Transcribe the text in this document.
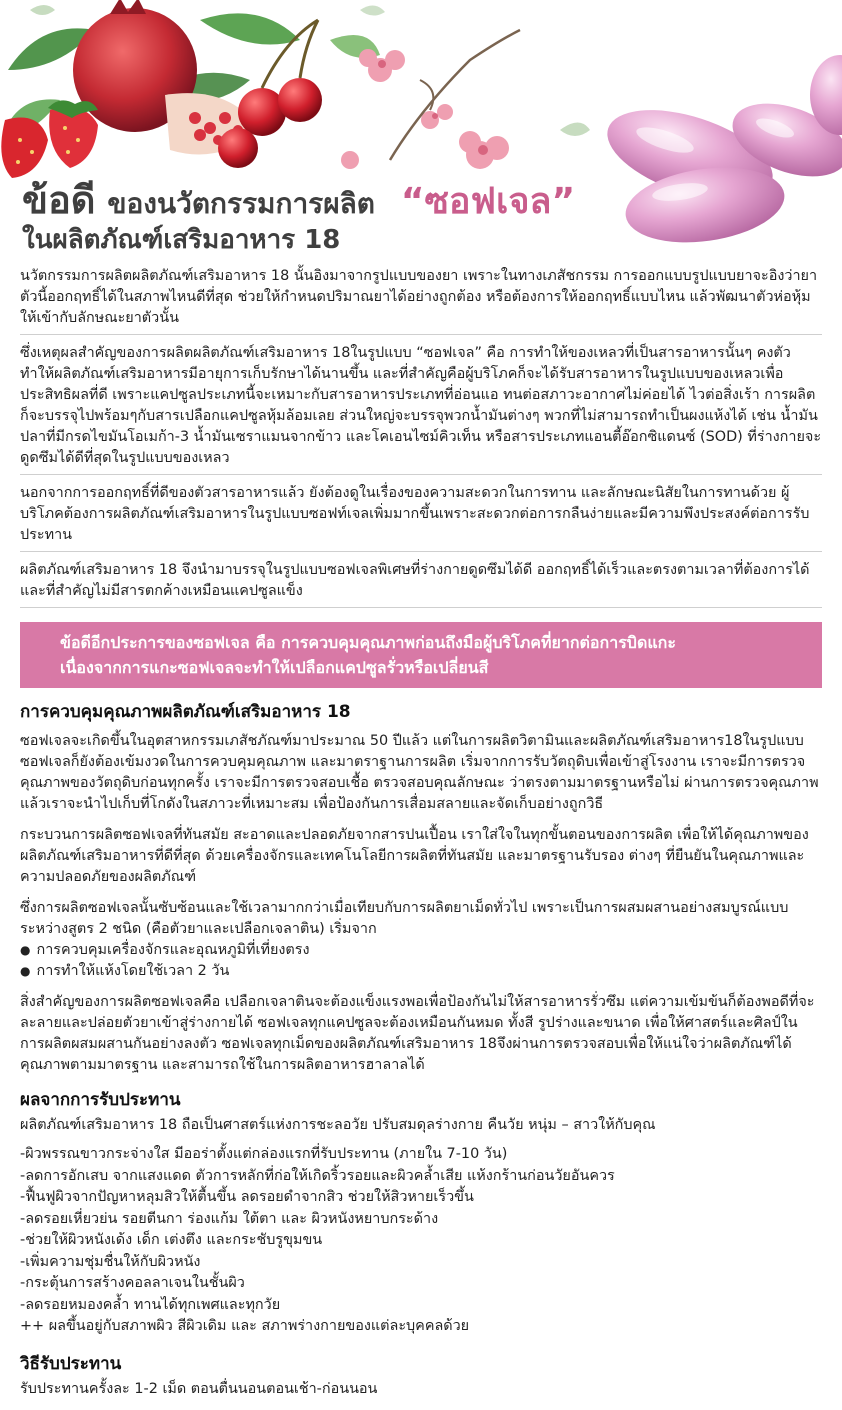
ข้อดี ของนวัตกรรมการผลิต “ซอฟเจล”
ในผลิตภัณฑ์เสริมอาหาร 18

นวัตกรรมการผลิตผลิตภัณฑ์เสริมอาหาร 18 นั้นอิงมาจากรูปแบบของยา เพราะในทางเภสัชกรรม การออกแบบรูปแบบยาจะอิงว่ายาตัวนี้ออกฤทธิ์ได้ในสภาพไหนดีที่สุด ช่วยให้กำหนดปริมาณยาได้อย่างถูกต้อง หรือต้องการให้ออกฤทธิ์แบบไหน แล้วพัฒนาตัวห่อหุ้มให้เข้ากับลักษณะยาตัวนั้น

ซึ่งเหตุผลสำคัญของการผลิตผลิตภัณฑ์เสริมอาหาร 18ในรูปแบบ “ซอฟเจล” คือ การทำให้ของเหลวที่เป็นสารอาหารนั้นๆ คงตัว ทำให้ผลิตภัณฑ์เสริมอาหารมีอายุการเก็บรักษาได้นานขึ้น และที่สำคัญคือผู้บริโภคก็จะได้รับสารอาหารในรูปแบบของเหลวเพื่อประสิทธิผลที่ดี เพราะแคปซูลประเภทนี้จะเหมาะกับสารอาหารประเภทที่อ่อนแอ ทนต่อสภาวะอากาศไม่ค่อยได้ ไวต่อสิ่งเร้า การผลิตก็จะบรรจุไปพร้อมๆกับสารเปลือกแคปซูลหุ้มล้อมเลย ส่วนใหญ่จะบรรจุพวกน้ำมันต่างๆ พวกที่ไม่สามารถทำเป็นผงแห้งได้ เช่น น้ำมันปลาที่มีกรดไขมันโอเมก้า-3 น้ำมันเซราแมนจากข้าว และโคเอนไซม์คิวเท็น หรือสารประเภทแอนตี้อ๊อกซิแดนซ์ (SOD) ที่ร่างกายจะดูดซึมได้ดีที่สุดในรูปแบบของเหลว

นอกจากการออกฤทธิ์ที่ดีของตัวสารอาหารแล้ว ยังต้องดูในเรื่องของความสะดวกในการทาน และลักษณะนิสัยในการทานด้วย ผู้บริโภคต้องการผลิตภัณฑ์เสริมอาหารในรูปแบบซอฟท์เจลเพิ่มมากขึ้นเพราะสะดวกต่อการกลืนง่ายและมีความพึงประสงค์ต่อการรับประทาน

ผลิตภัณฑ์เสริมอาหาร 18 จึงนำมาบรรจุในรูปแบบซอฟเจลพิเศษที่ร่างกายดูดซึมได้ดี ออกฤทธิ์ได้เร็วและตรงตามเวลาที่ต้องการได้ และที่สำคัญไม่มีสารตกค้างเหมือนแคปซูลแข็ง

ข้อดีอีกประการของซอฟเจล คือ การควบคุมคุณภาพก่อนถึงมือผู้บริโภคที่ยากต่อการบิดแกะ
เนื่องจากการแกะซอฟเจลจะทำให้เปลือกแคปซูลรั่วหรือเปลี่ยนสี
การควบคุมคุณภาพผลิตภัณฑ์เสริมอาหาร 18

ซอฟเจลจะเกิดขึ้นในอุตสาหกรรมเภสัชภัณฑ์มาประมาณ 50 ปีแล้ว แต่ในการผลิตวิตามินและผลิตภัณฑ์เสริมอาหาร18ในรูปแบบซอฟเจลก็ยังต้องเข้มงวดในการควบคุมคุณภาพ และมาตราฐานการผลิต เริ่มจากการรับวัตถุดิบเพื่อเข้าสู่โรงงาน เราจะมีการตรวจคุณภาพของวัตถุดิบก่อนทุกครั้ง เราจะมีการตรวจสอบเชื้อ ตรวจสอบคุณลักษณะ ว่าตรงตามมาตรฐานหรือไม่ ผ่านการตรวจคุณภาพแล้วเราจะนำไปเก็บที่โกดังในสภาวะที่เหมาะสม เพื่อป้องกันการเสื่อมสลายและจัดเก็บอย่างถูกวิธี

กระบวนการผลิตซอฟเจลที่ทันสมัย สะอาดและปลอดภัยจากสารปนเปื้อน เราใส่ใจในทุกขั้นตอนของการผลิต เพื่อให้ได้คุณภาพของผลิตภัณฑ์เสริมอาหารที่ดีที่สุด ด้วยเครื่องจักรและเทคโนโลยีการผลิตที่ทันสมัย และมาตรฐานรับรอง ต่างๆ ที่ยืนยันในคุณภาพและความปลอดภัยของผลิตภัณฑ์

ซึ่งการผลิตซอฟเจลนั้นซับซ้อนและใช้เวลามากกว่าเมื่อเทียบกับการผลิตยาเม็ดทั่วไป เพราะเป็นการผสมผสานอย่างสมบูรณ์แบบระหว่างสูตร 2 ชนิด (คือตัวยาและเปลือกเจลาติน) เริ่มจาก

● การควบคุมเครื่องจักรและอุณหภูมิที่เที่ยงตรง
● การทำให้แห้งโดยใช้เวลา 2 วัน

สิ่งสำคัญของการผลิตซอฟเจลคือ เปลือกเจลาตินจะต้องแข็งแรงพอเพื่อป้องกันไม่ให้สารอาหารรั่วซึม แต่ความเข้มข้นก็ต้องพอดีที่จะละลายและปล่อยตัวยาเข้าสู่ร่างกายได้ ซอฟเจลทุกแคปซูลจะต้องเหมือนกันหมด ทั้งสี รูปร่างและขนาด เพื่อให้ศาสตร์และศิลป์ในการผลิตผสมผสานกันอย่างลงตัว ซอฟเจลทุกเม็ดของผลิตภัณฑ์เสริมอาหาร 18จึงผ่านการตรวจสอบเพื่อให้แน่ใจว่าผลิตภัณฑ์ได้คุณภาพตามมาตรฐาน และสามารถใช้ในการผลิตอาหารฮาลาลได้

ผลจากการรับประทาน

ผลิตภัณฑ์เสริมอาหาร 18 ถือเป็นศาสตร์แห่งการชะลอวัย ปรับสมดุลร่างกาย คืนวัย หนุ่ม – สาวให้กับคุณ

-ผิวพรรณขาวกระจ่างใส มีออร่าตั้งแต่กล่องแรกที่รับประทาน (ภายใน 7-10 วัน)
-ลดการอักเสบ จากแสงแดด ตัวการหลักที่ก่อให้เกิดริ้วรอยและผิวคล้ำเสีย แห้งกร้านก่อนวัยอันควร
-ฟื้นฟูผิวจากปัญหาหลุมสิวให้ตื้นขึ้น ลดรอยดำจากสิว ช่วยให้สิวหายเร็วขึ้น
-ลดรอยเหี่ยวย่น รอยตีนกา ร่องแก้ม ใต้ตา และ ผิวหนังหยาบกระด้าง
-ช่วยให้ผิวหนังเด้ง เด็ก เต่งตึง และกระชับรูขุมขน
-เพิ่มความชุ่มชื่นให้กับผิวหนัง
-กระตุ้นการสร้างคอลลาเจนในชั้นผิว
-ลดรอยหมองคล้ำ ทานได้ทุกเพศและทุกวัย
++ ผลขึ้นอยู่กับสภาพผิว สีผิวเดิม และ สภาพร่างกายของแต่ละบุคคลด้วย
วิธีรับประทาน

รับประทานครั้งละ 1-2 เม็ด ตอนตื่นนอนตอนเช้า-ก่อนนอน
